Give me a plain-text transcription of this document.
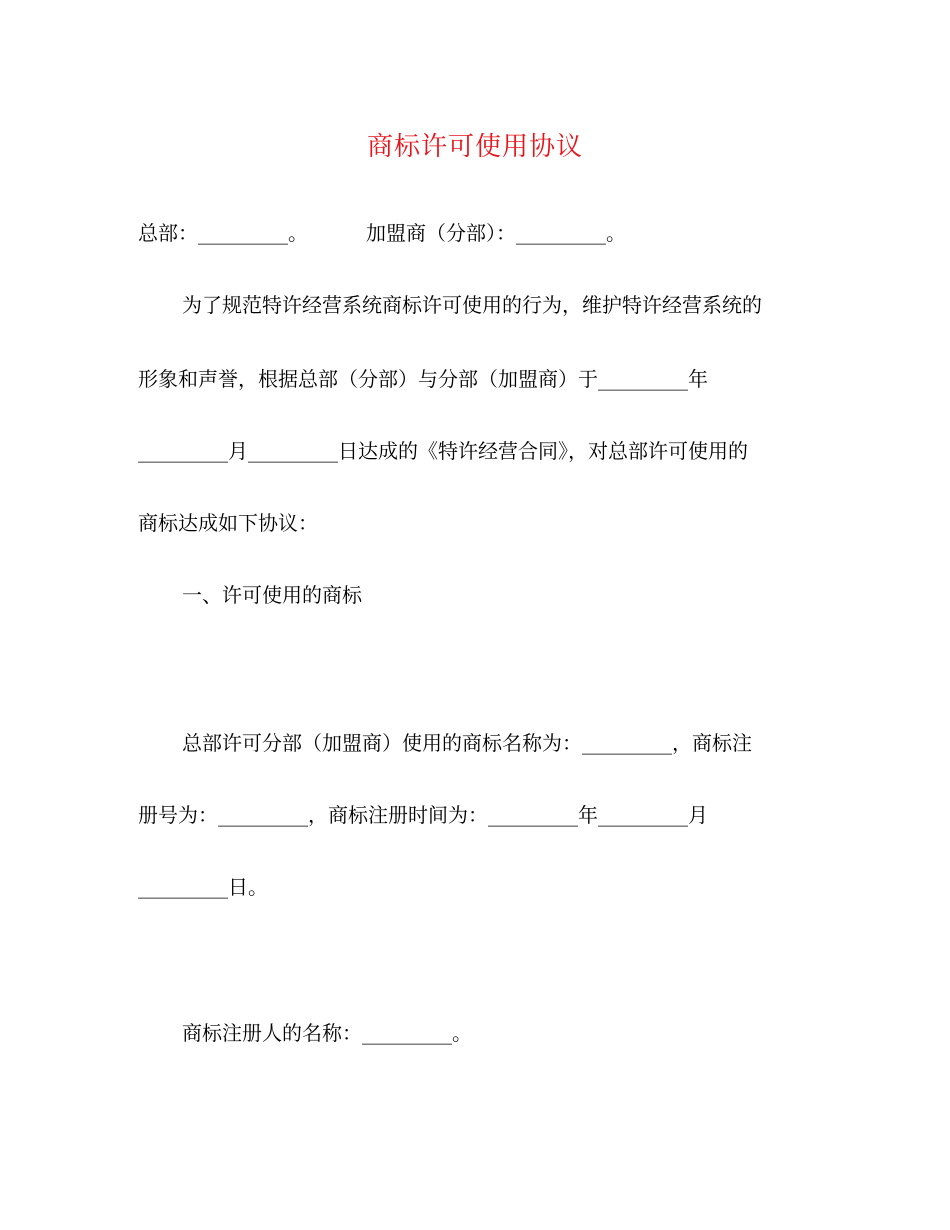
商标许可使用协议
总部：_________。	加盟商（分部）：_________。
为了规范特许经营系统商标许可使用的行为，维护特许经营系统的
形象和声誉，根据总部（分部）与分部（加盟商）于_________年
_________月_________日达成的《特许经营合同》，对总部许可使用的
商标达成如下协议：
一、许可使用的商标
总部许可分部（加盟商）使用的商标名称为：_________，商标注
册号为：_________，商标注册时间为：_________年_________月
_________日。
商标注册人的名称：_________。
